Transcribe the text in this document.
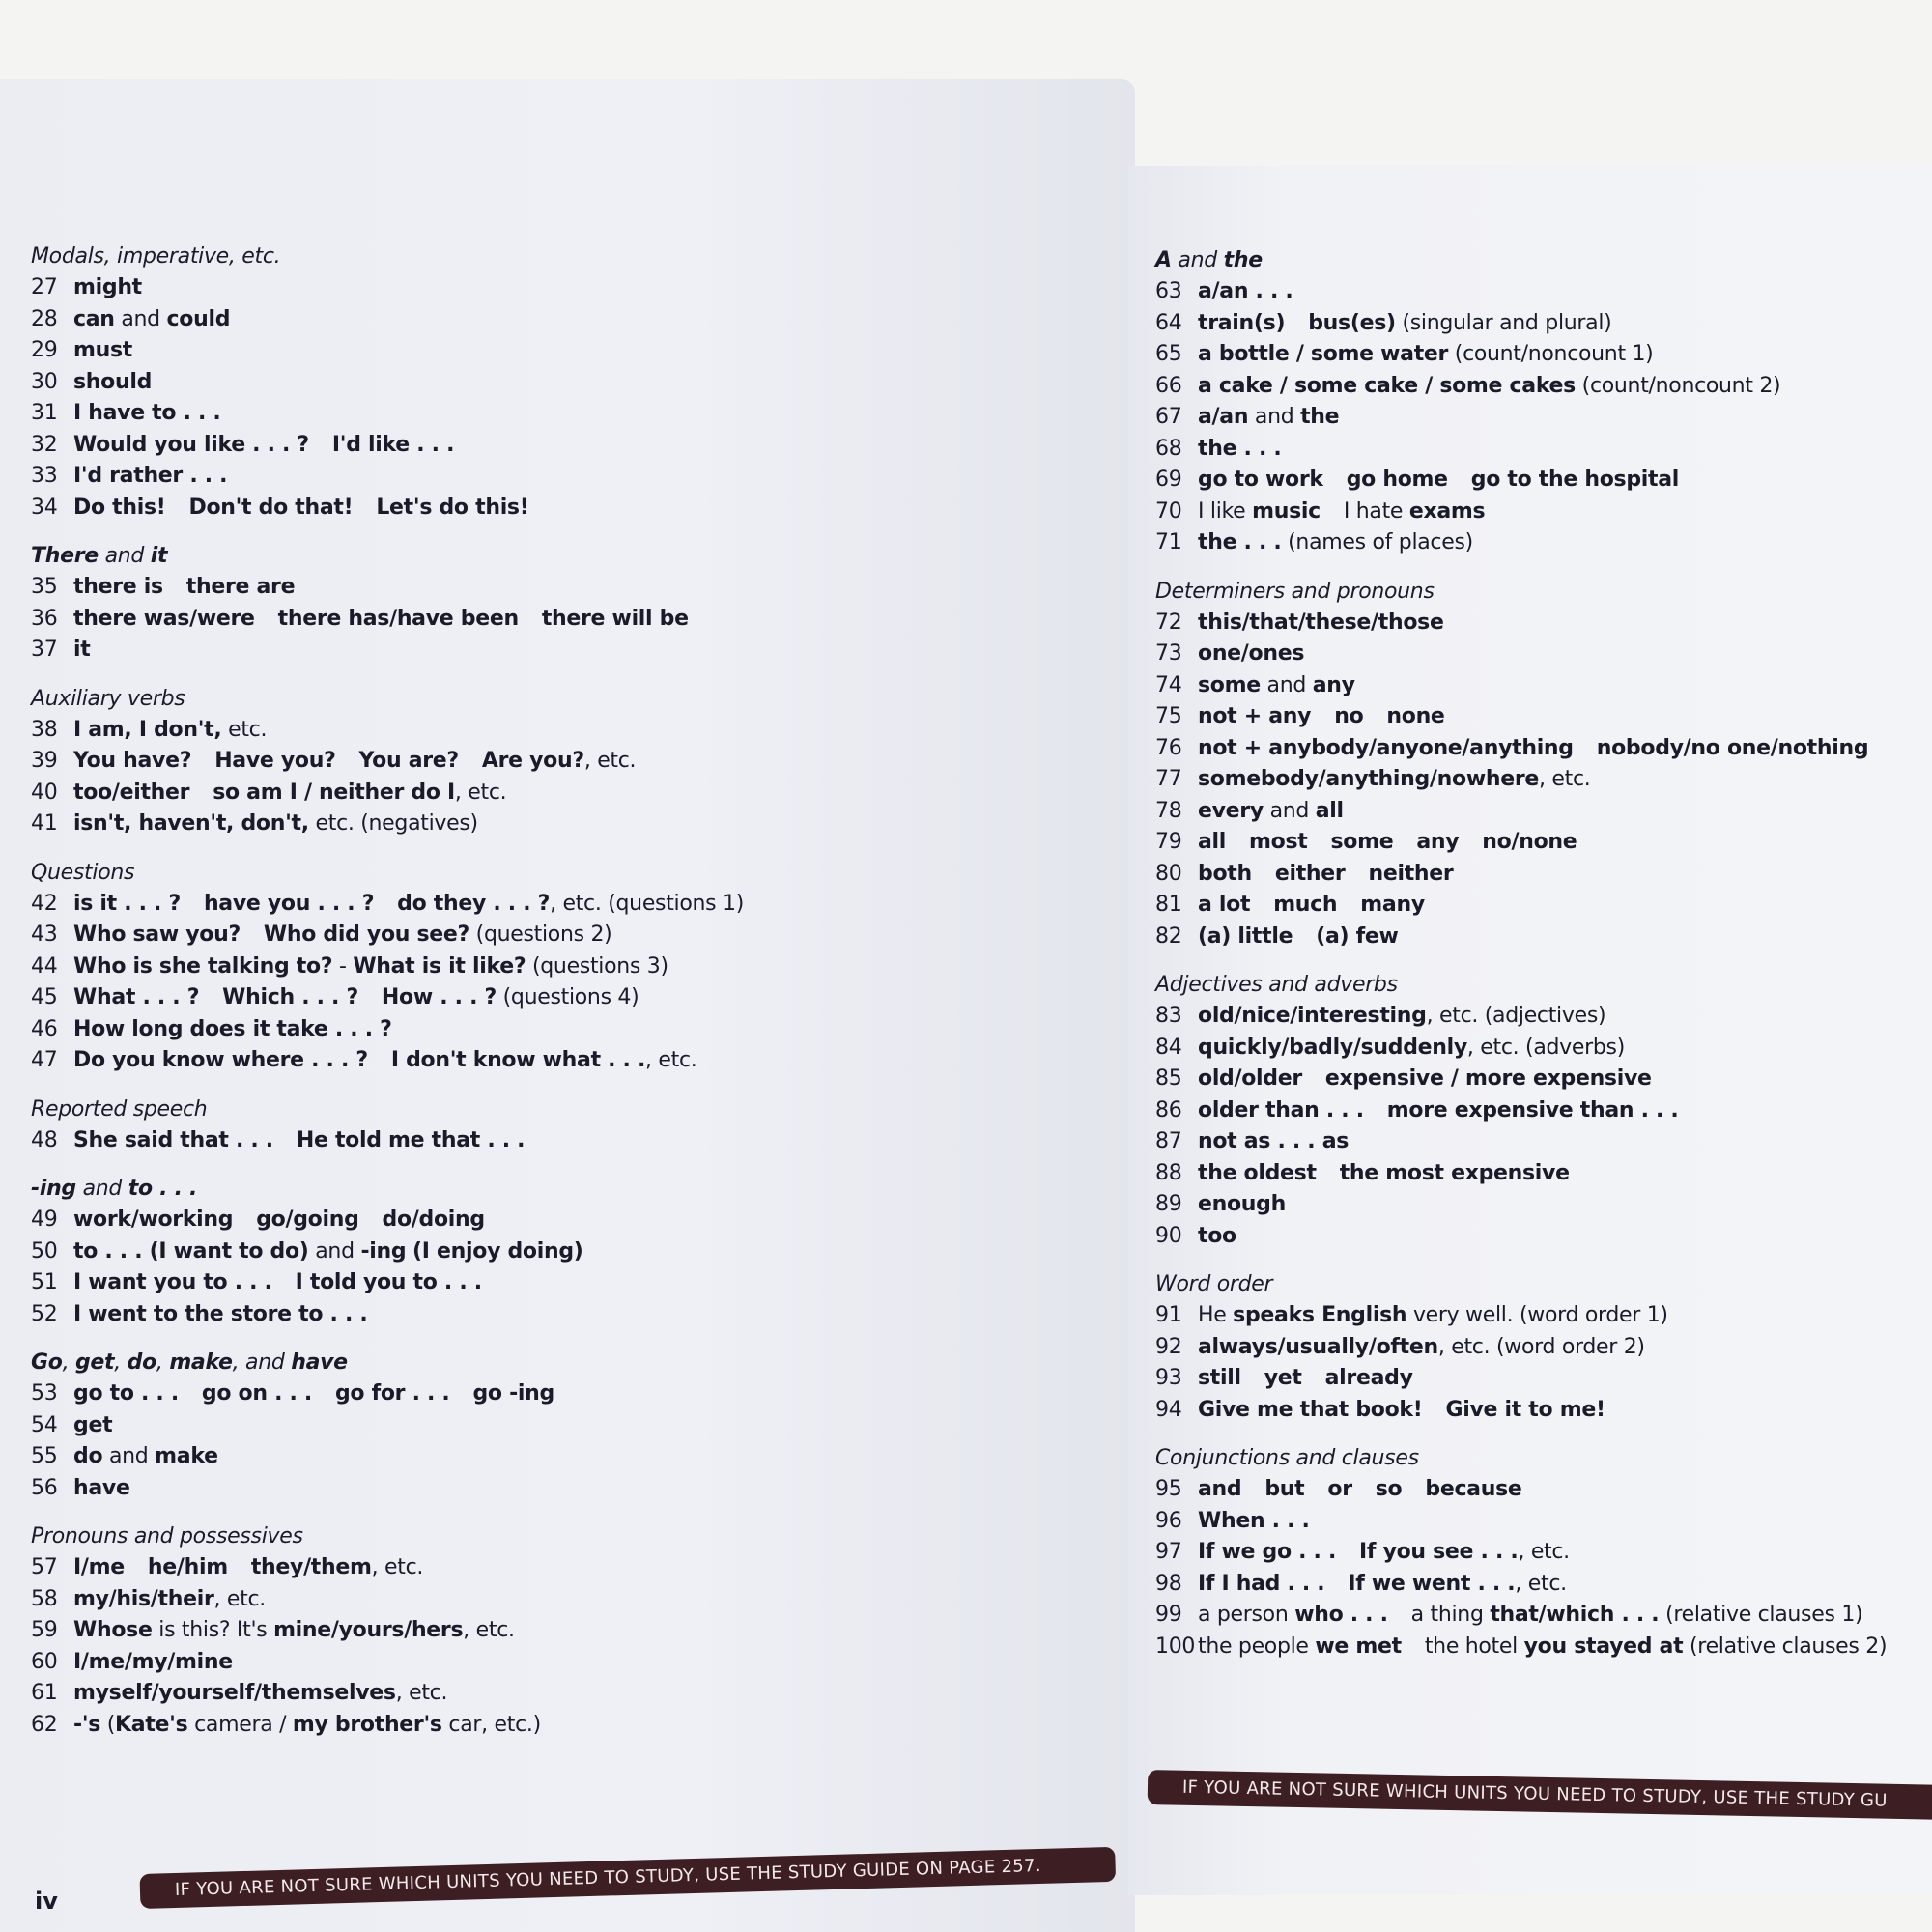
Modals, imperative, etc.
27 might
28 can and could
29 must
30 should
31 I have to . . .
32 Would you like . . . ? I'd like . . .
33 I'd rather . . .
34 Do this! Don't do that! Let's do this!
There and it
35 there is there are
36 there was/were there has/have been there will be
37 it
Auxiliary verbs
38 I am, I don't, etc.
39 You have? Have you? You are? Are you?, etc.
40 too/either so am I / neither do I, etc.
41 isn't, haven't, don't, etc. (negatives)
Questions
42 is it . . . ? have you . . . ? do they . . . ?, etc. (questions 1)
43 Who saw you? Who did you see? (questions 2)
44 Who is she talking to? - What is it like? (questions 3)
45 What . . . ? Which . . . ? How . . . ? (questions 4)
46 How long does it take . . . ?
47 Do you know where . . . ? I don't know what . . ., etc.
Reported speech
48 She said that . . . He told me that . . .
-ing and to . . .
49 work/working go/going do/doing
50 to . . . (I want to do) and -ing (I enjoy doing)
51 I want you to . . . I told you to . . .
52 I went to the store to . . .
Go, get, do, make, and have
53 go to . . . go on . . . go for . . . go -ing
54 get
55 do and make
56 have
Pronouns and possessives
57 I/me he/him they/them, etc.
58 my/his/their, etc.
59 Whose is this? It's mine/yours/hers, etc.
60 I/me/my/mine
61 myself/yourself/themselves, etc.
62 -'s (Kate's camera / my brother's car, etc.)
iv
IF YOU ARE NOT SURE WHICH UNITS YOU NEED TO STUDY, USE THE STUDY GUIDE ON PAGE 257.
A and the
63 a/an . . .
64 train(s) bus(es) (singular and plural)
65 a bottle / some water (count/noncount 1)
66 a cake / some cake / some cakes (count/noncount 2)
67 a/an and the
68 the . . .
69 go to work go home go to the hospital
70 I like music I hate exams
71 the . . . (names of places)
Determiners and pronouns
72 this/that/these/those
73 one/ones
74 some and any
75 not + any no none
76 not + anybody/anyone/anything nobody/no one/nothing
77 somebody/anything/nowhere, etc.
78 every and all
79 all most some any no/none
80 both either neither
81 a lot much many
82 (a) little (a) few
Adjectives and adverbs
83 old/nice/interesting, etc. (adjectives)
84 quickly/badly/suddenly, etc. (adverbs)
85 old/older expensive / more expensive
86 older than . . . more expensive than . . .
87 not as . . . as
88 the oldest the most expensive
89 enough
90 too
Word order
91 He speaks English very well. (word order 1)
92 always/usually/often, etc. (word order 2)
93 still yet already
94 Give me that book! Give it to me!
Conjunctions and clauses
95 and but or so because
96 When . . .
97 If we go . . . If you see . . ., etc.
98 If I had . . . If we went . . ., etc.
99 a person who . . . a thing that/which . . . (relative clauses 1)
100 the people we met the hotel you stayed at (relative clauses 2)
IF YOU ARE NOT SURE WHICH UNITS YOU NEED TO STUDY, USE THE STUDY GU
